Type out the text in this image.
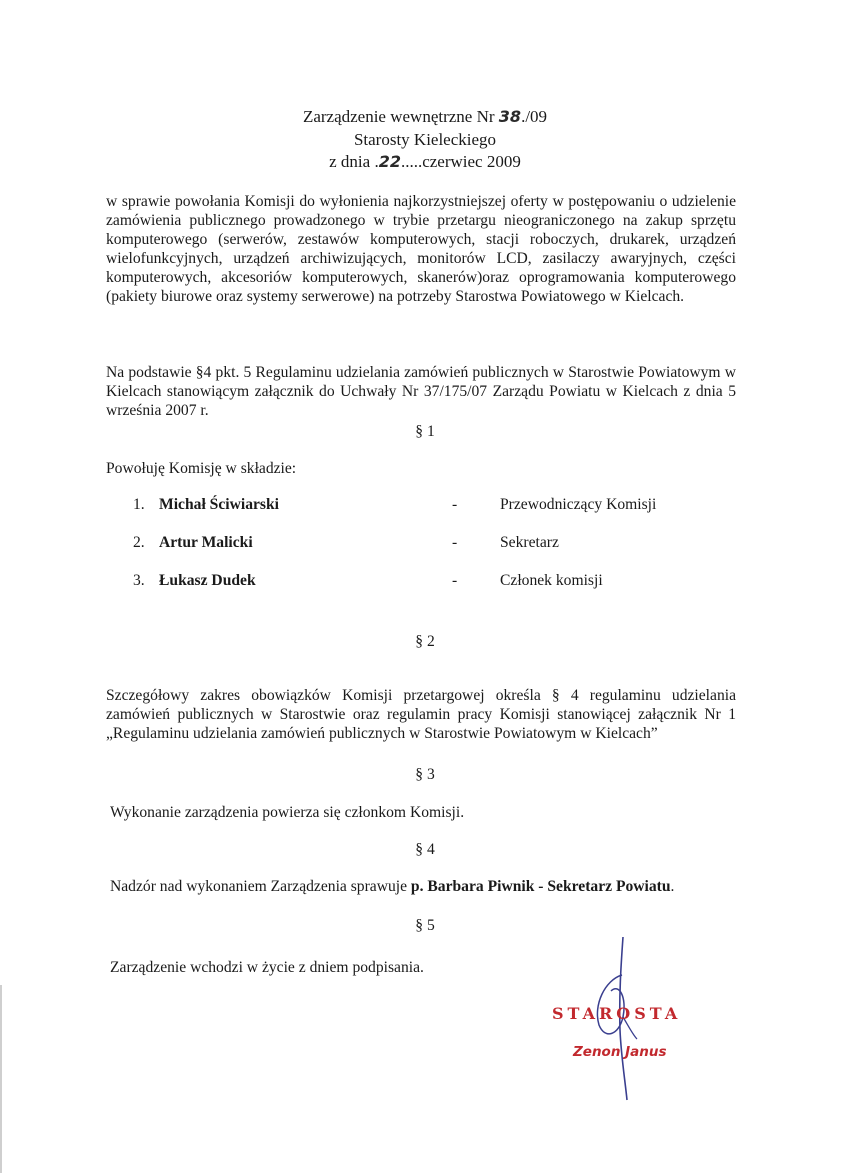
Zarządzenie wewnętrzne Nr 38./09
Starosty Kieleckiego
z dnia .22.....czerwiec 2009
w sprawie powołania Komisji do wyłonienia najkorzystniejszej oferty w postępowaniu o udzielenie zamówienia publicznego prowadzonego w trybie przetargu nieograniczonego na zakup sprzętu komputerowego (serwerów, zestawów komputerowych, stacji roboczych, drukarek, urządzeń wielofunkcyjnych, urządzeń archiwizujących, monitorów LCD, zasilaczy awaryjnych, części komputerowych, akcesoriów komputerowych, skanerów)oraz oprogramowania komputerowego (pakiety biurowe oraz systemy serwerowe) na potrzeby Starostwa Powiatowego w Kielcach.
Na podstawie §4 pkt. 5 Regulaminu udzielania zamówień publicznych w Starostwie Powiatowym w Kielcach stanowiącym załącznik do Uchwały Nr 37/175/07 Zarządu Powiatu w Kielcach z dnia 5 września 2007 r.
§ 1
Powołuję Komisję w składzie:
1. Michał Ściwiarski	-	Przewodniczący Komisji
2. Artur Malicki	-	Sekretarz
3. Łukasz Dudek	-	Członek komisji
§ 2
Szczegółowy zakres obowiązków Komisji przetargowej określa § 4 regulaminu udzielania zamówień publicznych w Starostwie oraz regulamin pracy Komisji stanowiącej załącznik Nr 1 „Regulaminu udzielania zamówień publicznych w Starostwie Powiatowym w Kielcach”
§ 3
Wykonanie zarządzenia powierza się członkom Komisji.
§ 4
Nadzór nad wykonaniem Zarządzenia sprawuje p. Barbara Piwnik - Sekretarz Powiatu.
§ 5
Zarządzenie wchodzi w życie z dniem podpisania.
STAROSTA
Zenon Janus
